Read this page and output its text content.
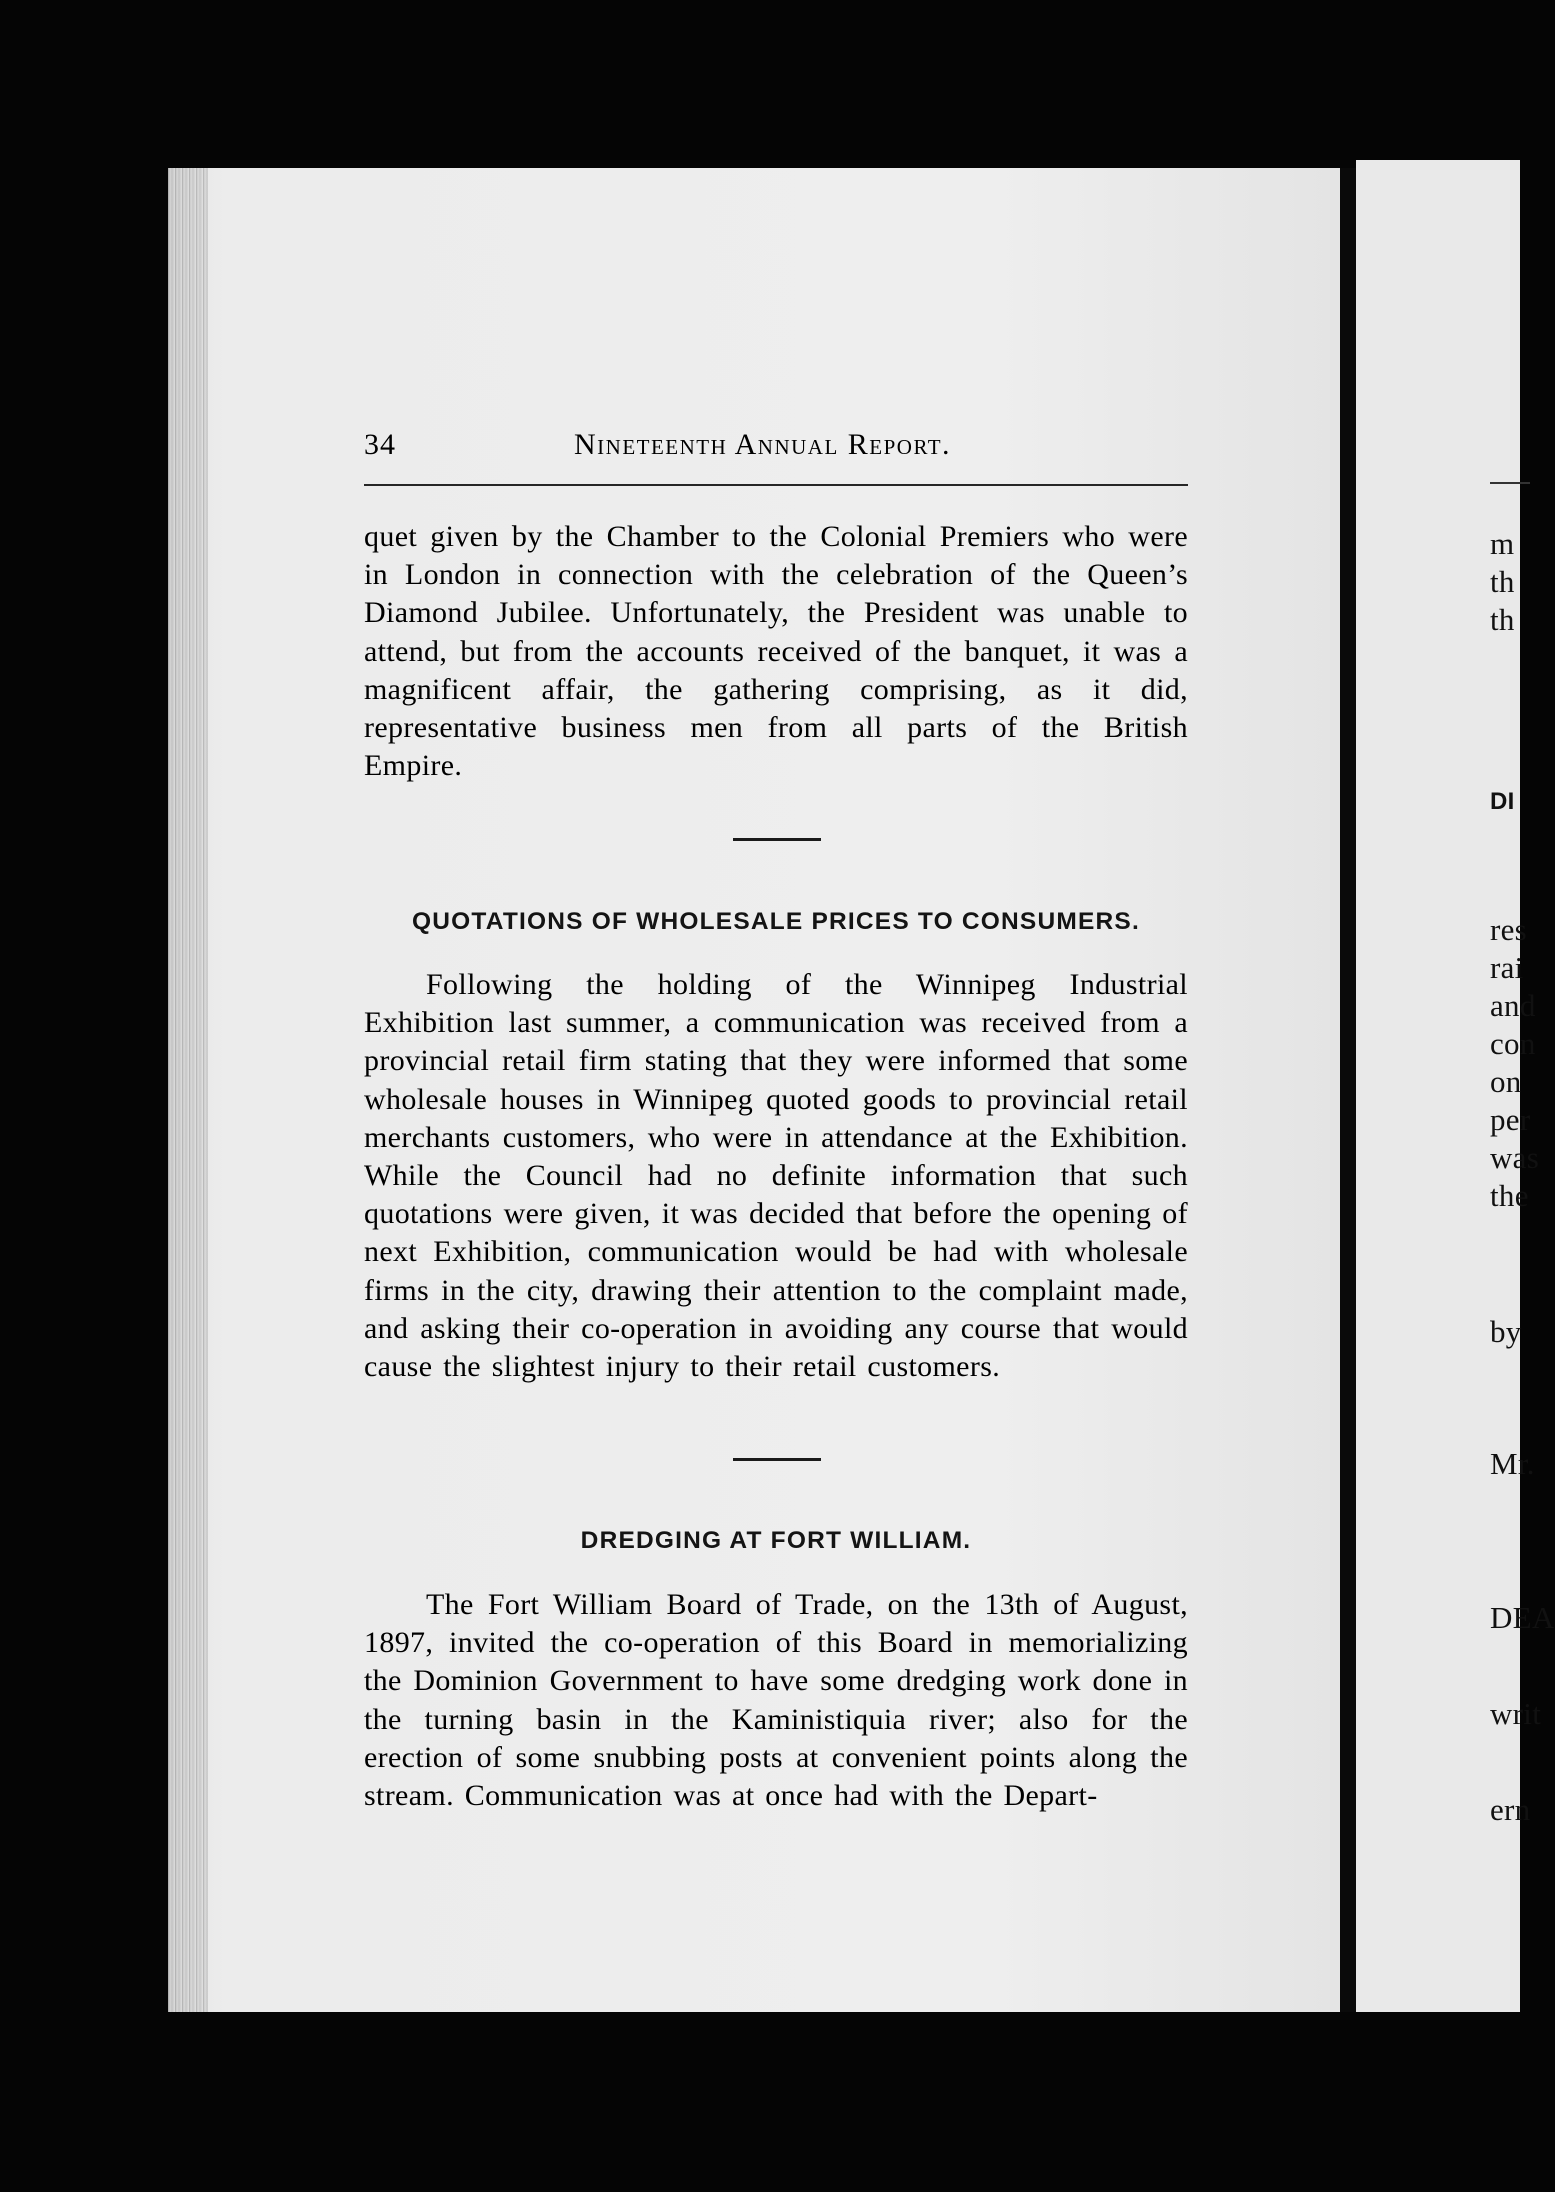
m
th
th
DI
res
rai
and
con
on
per
was
the
by
Mr.
DEA
writ
ern
34	Nineteenth Annual Report.

quet given by the Chamber to the Colonial Premiers who were in London in connection with the celebration of the Queen’s Diamond Jubilee. Unfortunately, the President was unable to attend, but from the accounts received of the banquet, it was a magnificent affair, the gathering comprising, as it did, representative business men from all parts of the British Empire.

QUOTATIONS OF WHOLESALE PRICES TO CONSUMERS.

Following the holding of the Winnipeg Industrial Exhibition last summer, a communication was received from a provincial retail firm stating that they were informed that some wholesale houses in Winnipeg quoted goods to provincial retail merchants customers, who were in attendance at the Exhibition. While the Council had no definite information that such quotations were given, it was decided that before the opening of next Exhibition, communication would be had with wholesale firms in the city, drawing their attention to the complaint made, and asking their co-operation in avoiding any course that would cause the slightest injury to their retail customers.

DREDGING AT FORT WILLIAM.

The Fort William Board of Trade, on the 13th of August, 1897, invited the co-operation of this Board in memorializing the Dominion Government to have some dredging work done in the turning basin in the Kaministiquia river; also for the erection of some snubbing posts at convenient points along the stream. Communication was at once had with the Depart-
